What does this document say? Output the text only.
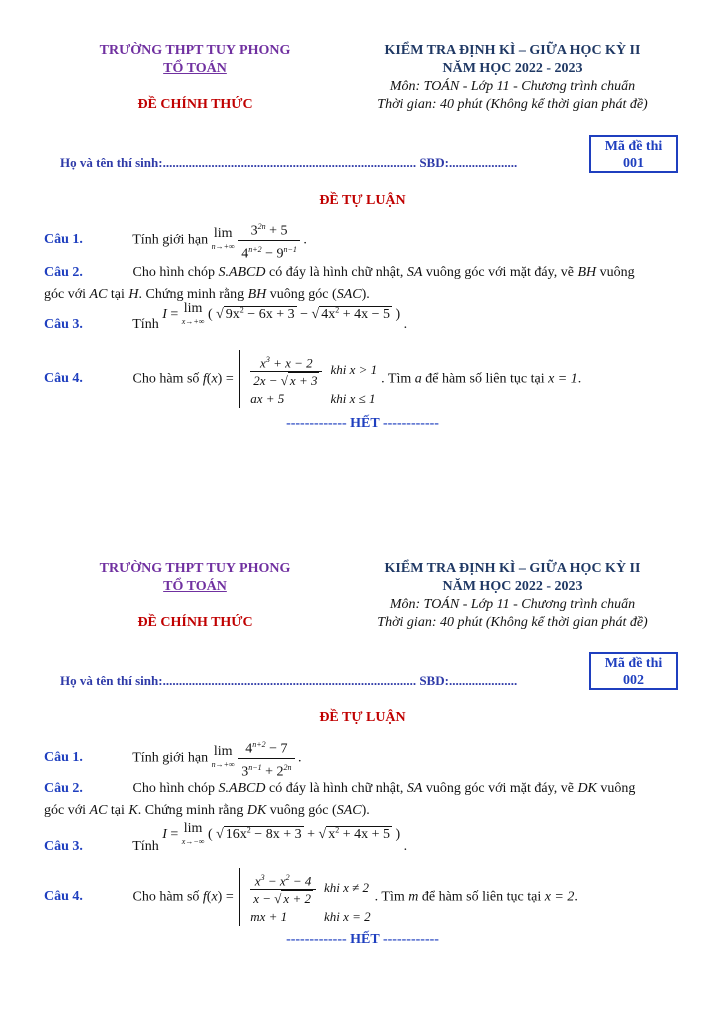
TRƯỜNG THPT TUY PHONG
TỔ TOÁN
ĐỀ CHÍNH THỨC
KIỂM TRA ĐỊNH KÌ – GIỮA HỌC KỲ II
NĂM HỌC 2022 - 2023
Môn: TOÁN - Lớp 11 - Chương trình chuẩn
Thời gian: 40 phút (Không kể thời gian phát đề)
Họ và tên thí sinh:.............................................................................. SBD:.....................
Mã đề thi
001
ĐỀ TỰ LUẬN
Câu 1.	Tính giới hạn lim
n→+∞
$\frac{3^{2n} + 5}{4^{n+2} - 9^{n-1}}$ .
Câu 2.	Cho hình chóp S.ABCD có đáy là hình chữ nhật, SA vuông góc với mặt đáy, vẽ BH vuông
góc với AC tại H. Chứng minh rằng BH vuông góc (SAC).
Câu 3.	Tính I = lim
x→+∞ ( √ $9x^2 - 6x + 3$ − √ $4x^2 + 4x - 5$ ) .
Câu 4.	Cho hàm số $f(x) = \frac{x^3 + x - 2}{2x - √ x + 3}$	khi x > 1
ax + 5	khi x ≤ 1
. Tìm a để hàm số liên tục tại x = 1.
------------- HẾT ------------
TRƯỜNG THPT TUY PHONG
TỔ TOÁN
ĐỀ CHÍNH THỨC
KIỂM TRA ĐỊNH KÌ – GIỮA HỌC KỲ II
NĂM HỌC 2022 - 2023
Môn: TOÁN - Lớp 11 - Chương trình chuẩn
Thời gian: 40 phút (Không kể thời gian phát đề)
Họ và tên thí sinh:.............................................................................. SBD:.....................
Mã đề thi
002
ĐỀ TỰ LUẬN
Câu 1.	Tính giới hạn lim
n→+∞
$\frac{4^{n+2} - 7}{3^{n-1} + 2^{2n}}$ .
Câu 2.	Cho hình chóp S.ABCD có đáy là hình chữ nhật, SA vuông góc với mặt đáy, vẽ DK vuông
góc với AC tại K. Chứng minh rằng DK vuông góc (SAC).
Câu 3.	Tính I = lim
x→−∞ ( √ $16x^2 - 8x + 3$ + √ $x^2 + 4x + 5$ ) .
Câu 4.	Cho hàm số $f(x) = \frac{x^3 - x^2 - 4}{x - √ x + 2}$	khi x ≠ 2
mx + 1	khi x = 2
. Tìm m để hàm số liên tục tại x = 2.
------------- HẾT ------------
